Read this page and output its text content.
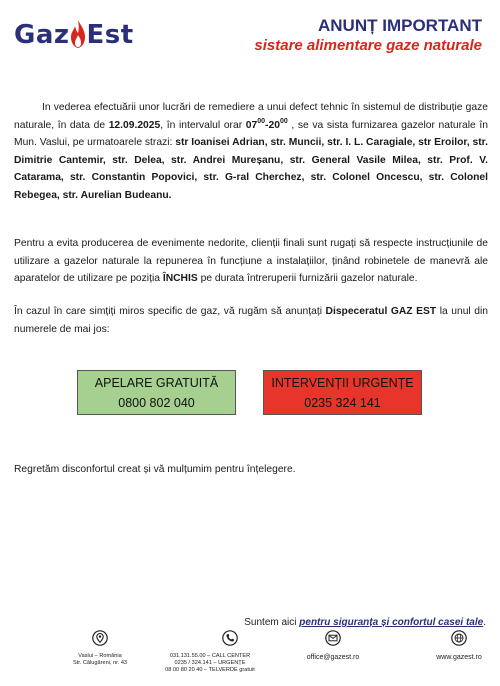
Gaz Est	ANUNȚ IMPORTANT
sistare alimentare gaze naturale
In vederea efectuării unor lucrări de remediere a unui defect tehnic în sistemul de distribuție gaze naturale, în data de 12.09.2025, în intervalul orar $07^{00}-20^{00}$ , se va sista furnizarea gazelor naturale în Mun. Vaslui, pe urmatoarele strazi: str Ioanisei Adrian, str. Muncii, str. I. L. Caragiale, str Eroilor, str. Dimitrie Cantemir, str. Delea, str. Andrei Mureșanu, str. General Vasile Milea, str. Prof. V. Catarama, str. Constantin Popovici, str. G-ral Cherchez, str. Colonel Oncescu, str. Colonel Rebegea, str. Aurelian Budeanu.
Pentru a evita producerea de evenimente nedorite, clienții finali sunt rugați să respecte instrucțiunile de utilizare a gazelor naturale la repunerea în funcțiune a instalațiilor, ținând robinetele de manevră ale aparatelor de utilizare pe poziția ÎNCHIS pe durata întreruperii furnizării gazelor naturale.
În cazul în care simțiți miros specific de gaz, vă rugăm să anunțați Dispeceratul GAZ EST la unul din numerele de mai jos:
APELARE GRATUITĂ
0800 802 040
INTERVENȚII URGENȚE
0235 324 141
Regretăm disconfortul creat și vă mulțumim pentru înțelegere.
Suntem aici pentru siguranța și confortul casei tale.
Vaslui – România
Str. Călugăreni, nr. 43
031.131.55.00 – CALL CENTER
0235 / 324.141 – URGENȚE
08 00 80 20 40 – TELVERDE gratuit
office@gazest.ro	www.gazest.ro
